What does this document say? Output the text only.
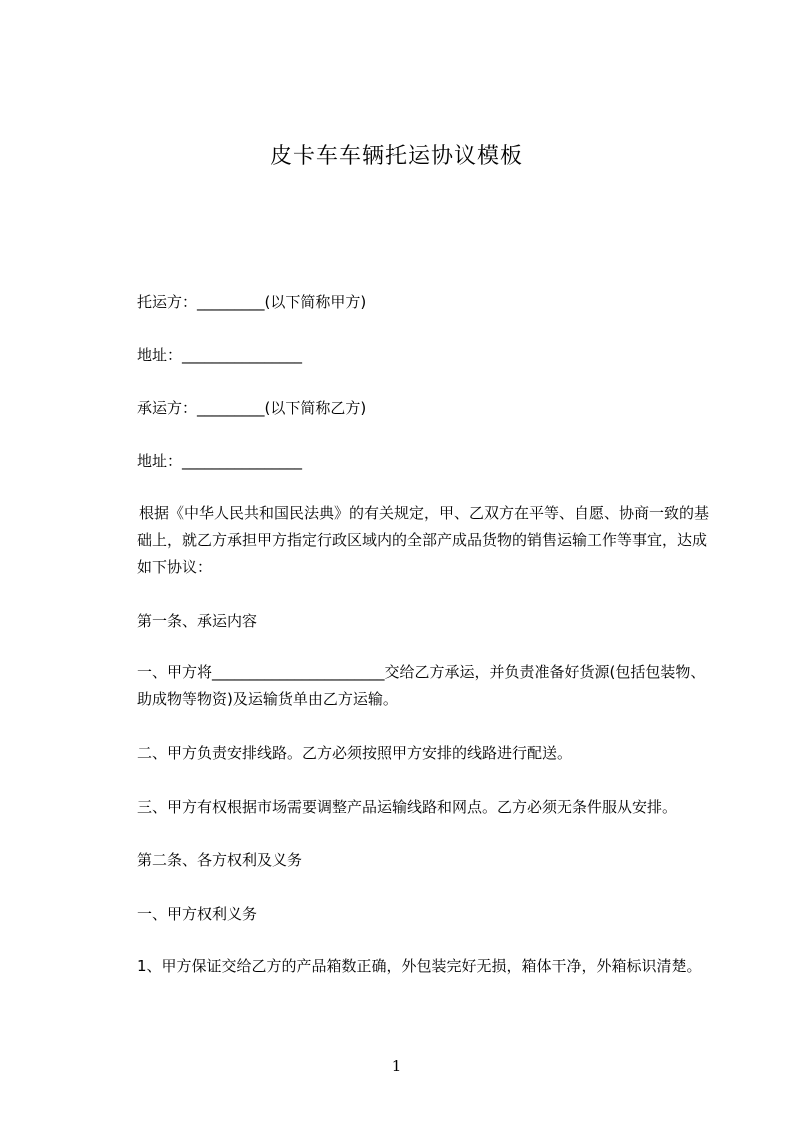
皮卡车车辆托运协议模板
托运方：_________(以下简称甲方)
地址：________________
承运方：_________(以下简称乙方)
地址：________________
根据《中华人民共和国民法典》的有关规定，甲、乙双方在平等、自愿、协商一致的基础上，就乙方承担甲方指定行政区域内的全部产成品货物的销售运输工作等事宜，达成如下协议：
第一条、承运内容
一、甲方将_______________________交给乙方承运，并负责准备好货源(包括包装物、助成物等物资)及运输货单由乙方运输。
二、甲方负责安排线路。乙方必须按照甲方安排的线路进行配送。
三、甲方有权根据市场需要调整产品运输线路和网点。乙方必须无条件服从安排。
第二条、各方权利及义务
一、甲方权利义务
1、甲方保证交给乙方的产品箱数正确，外包装完好无损，箱体干净，外箱标识清楚。
1
